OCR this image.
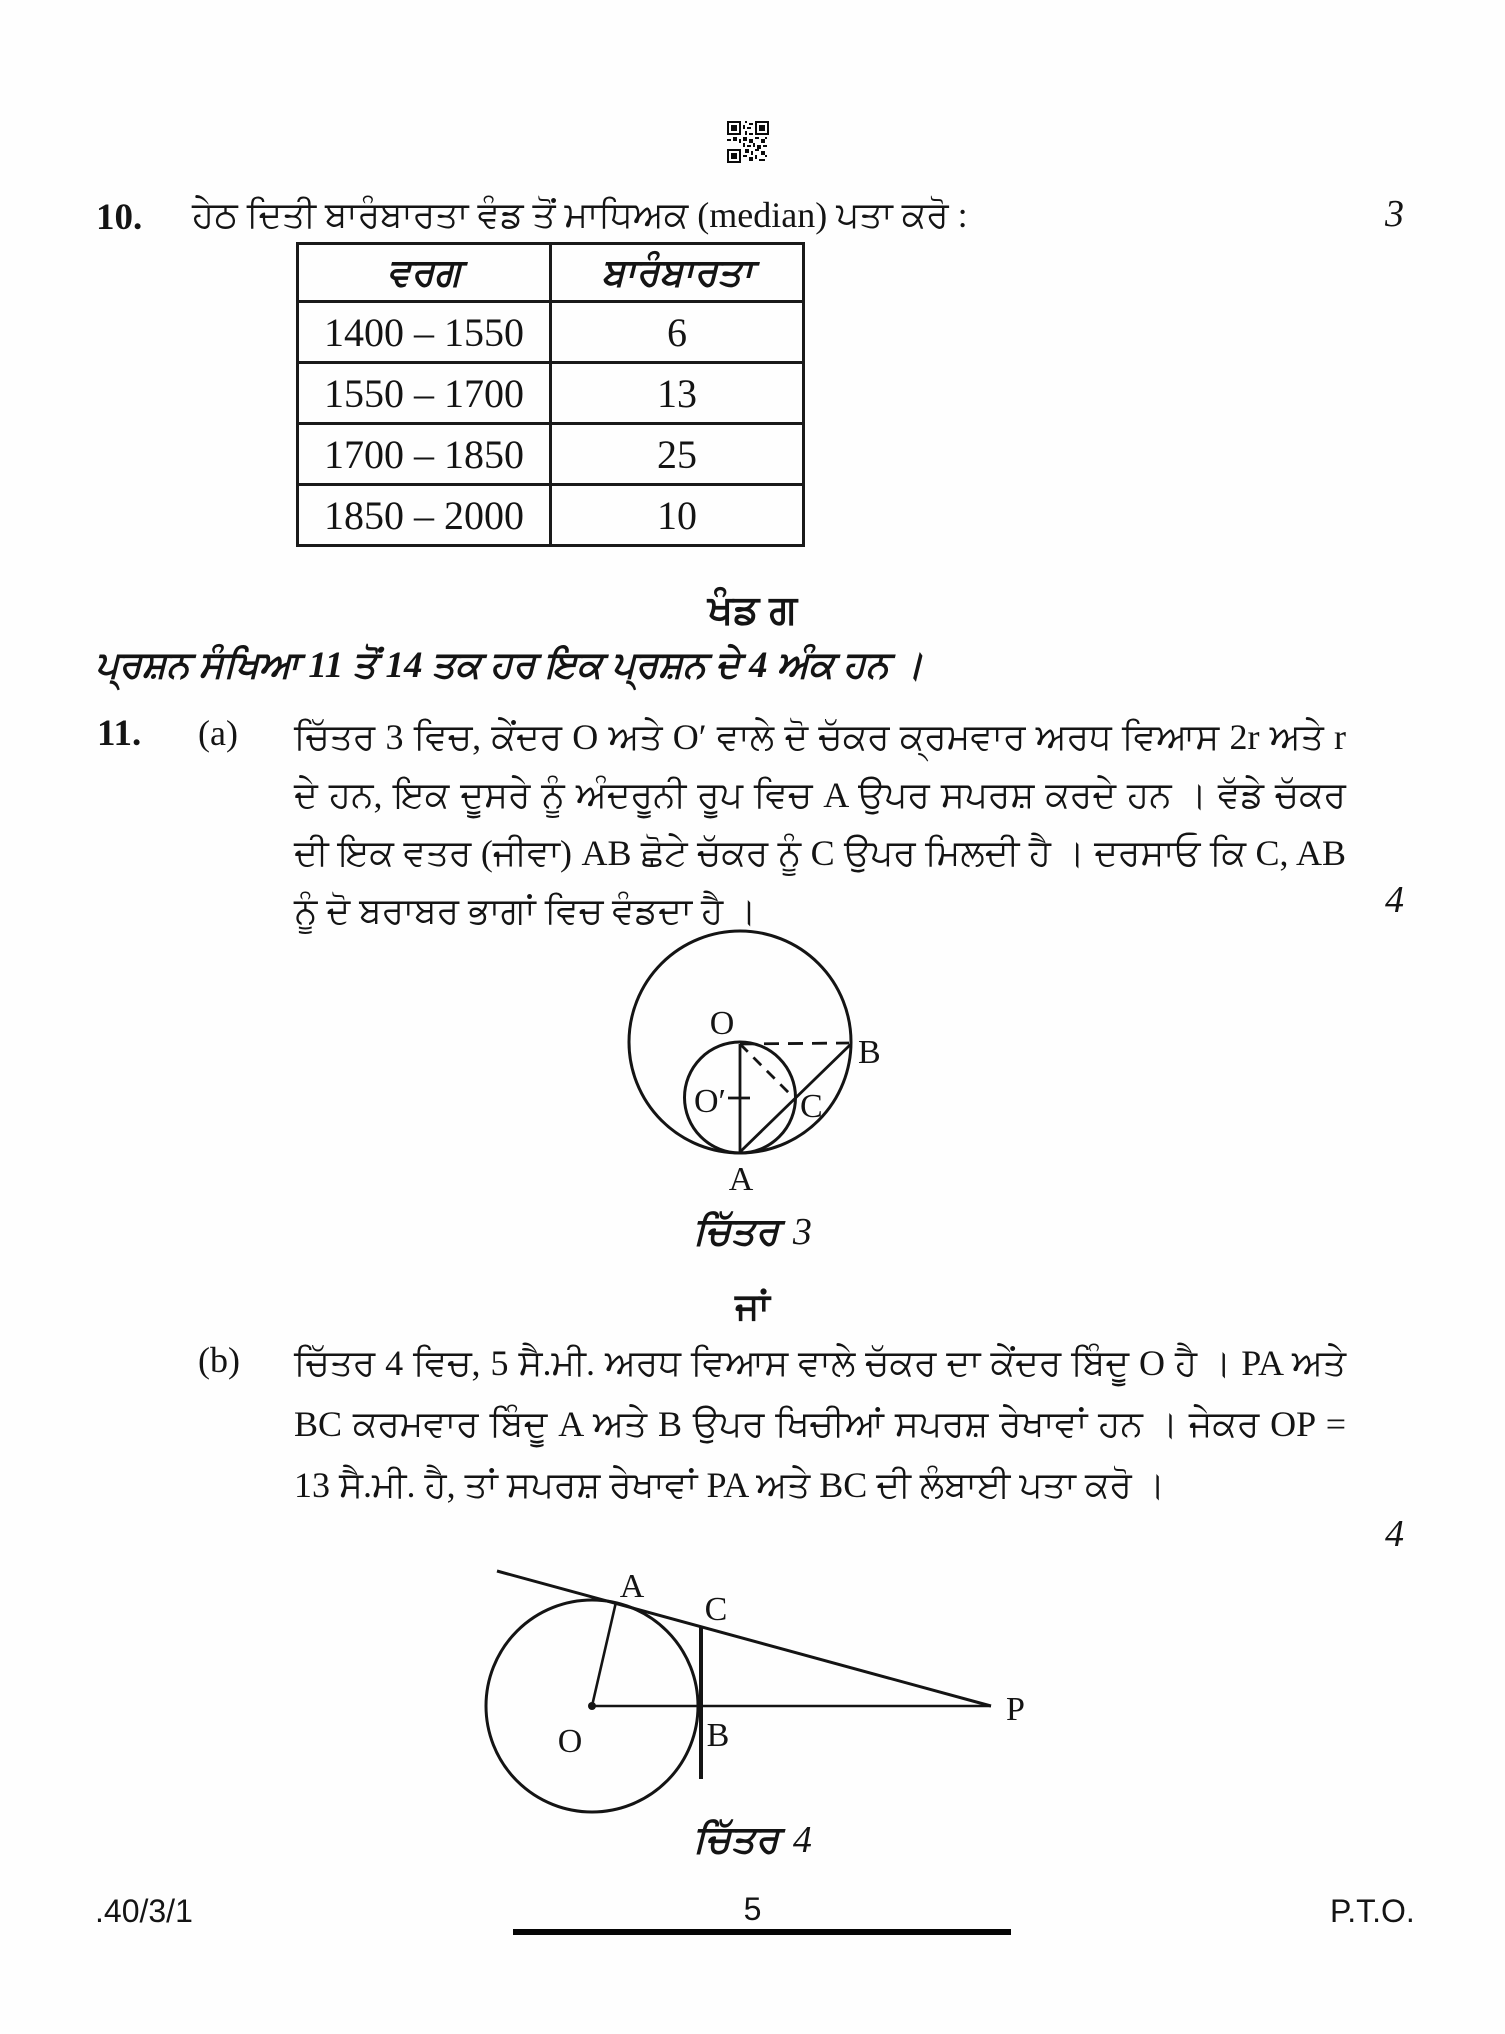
10. ਹੇਠ ਦਿਤੀ ਬਾਰੰਬਾਰਤਾ ਵੰਡ ਤੋਂ ਮਾਧਿਅਕ (median) ਪਤਾ ਕਰੋ :	3
ਵਰਗ	ਬਾਰੰਬਾਰਤਾ
1400 – 1550	6
1550 – 1700	13
1700 – 1850	25
1850 – 2000	10
ਖੰਡ ਗ
ਪ੍ਰਸ਼ਨ ਸੰਖਿਆ 11 ਤੋਂ 14 ਤਕ ਹਰ ਇਕ ਪ੍ਰਸ਼ਨ ਦੇ 4 ਅੰਕ ਹਨ ।
11. (a) ਚਿੱਤਰ 3 ਵਿਚ, ਕੇਂਦਰ O ਅਤੇ O′ ਵਾਲੇ ਦੋ ਚੱਕਰ ਕ੍ਰਮਵਾਰ ਅਰਧ ਵਿਆਸ 2r ਅਤੇ r ਦੇ ਹਨ, ਇਕ ਦੂਸਰੇ ਨੂੰ ਅੰਦਰੂਨੀ ਰੂਪ ਵਿਚ A ਉਪਰ ਸਪਰਸ਼ ਕਰਦੇ ਹਨ । ਵੱਡੇ ਚੱਕਰ ਦੀ ਇਕ ਵਤਰ (ਜੀਵਾ) AB ਛੋਟੇ ਚੱਕਰ ਨੂੰ C ਉਪਰ ਮਿਲਦੀ ਹੈ । ਦਰਸਾਓ ਕਿ C, AB ਨੂੰ ਦੋ ਬਰਾਬਰ ਭਾਗਾਂ ਵਿਚ ਵੰਡਦਾ ਹੈ ।	4
O
B
C
O′
A
ਚਿੱਤਰ 3
ਜਾਂ
(b) ਚਿੱਤਰ 4 ਵਿਚ, 5 ਸੈ.ਮੀ. ਅਰਧ ਵਿਆਸ ਵਾਲੇ ਚੱਕਰ ਦਾ ਕੇਂਦਰ ਬਿੰਦੂ O ਹੈ । PA ਅਤੇ BC ਕਰਮਵਾਰ ਬਿੰਦੂ A ਅਤੇ B ਉਪਰ ਖਿਚੀਆਂ ਸਪਰਸ਼ ਰੇਖਾਵਾਂ ਹਨ । ਜੇਕਰ OP = 13 ਸੈ.ਮੀ. ਹੈ, ਤਾਂ ਸਪਰਸ਼ ਰੇਖਾਵਾਂ PA ਅਤੇ BC ਦੀ ਲੰਬਾਈ ਪਤਾ ਕਰੋ ।
4
A
C
O	B
P
ਚਿੱਤਰ 4
.40/3/1	5	P.T.O.
